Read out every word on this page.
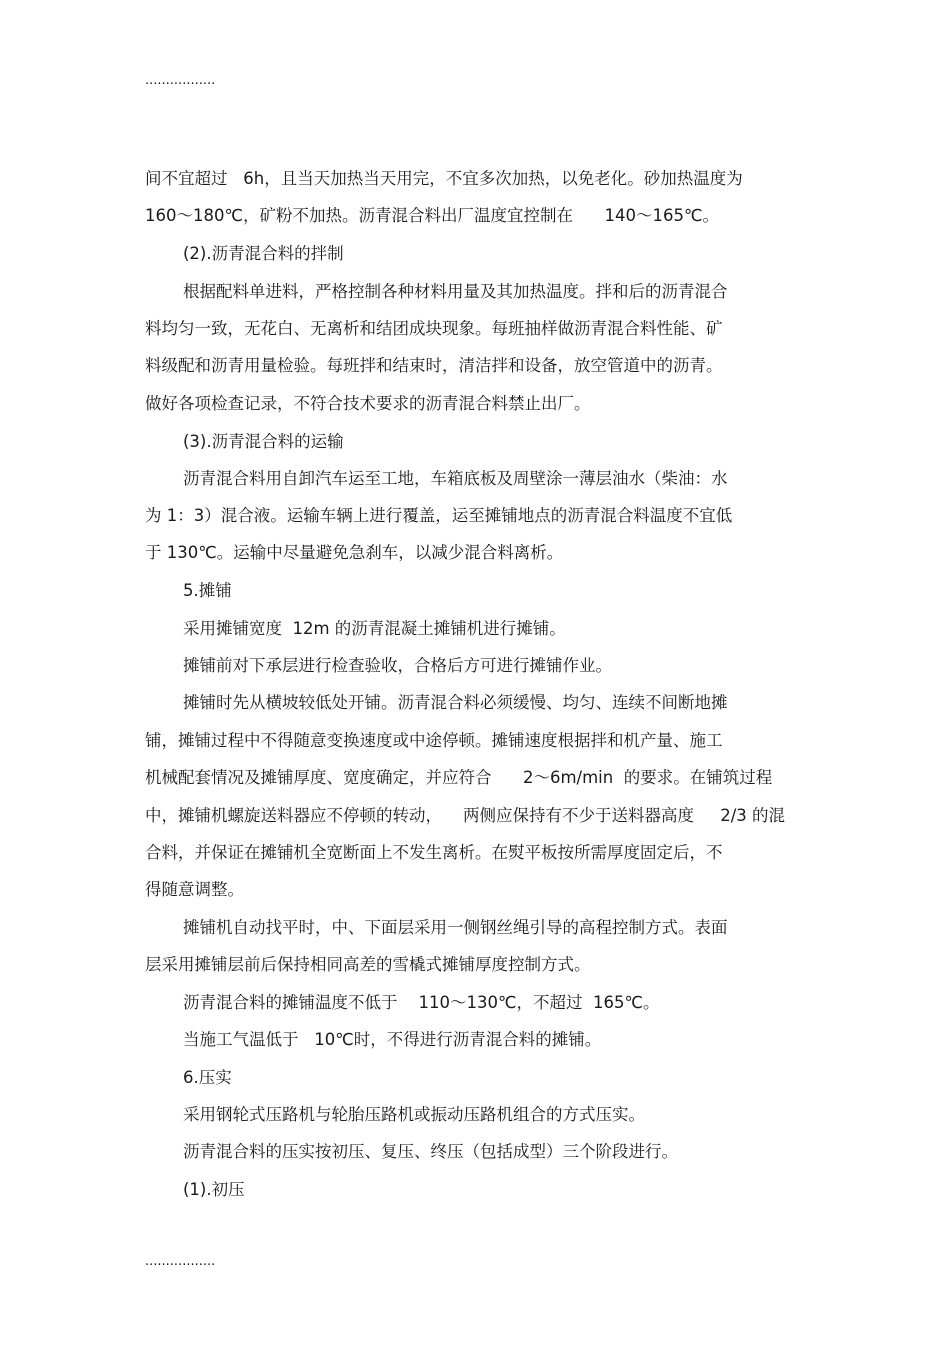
.................
间不宜超过   6h，且当天加热当天用完，不宜多次加热，以免老化。砂加热温度为
160～180℃，矿粉不加热。沥青混合料出厂温度宜控制在      140～165℃。
(2).沥青混合料的拌制
根据配料单进料，严格控制各种材料用量及其加热温度。拌和后的沥青混合
料均匀一致，无花白、无离析和结团成块现象。每班抽样做沥青混合料性能、矿
料级配和沥青用量检验。每班拌和结束时，清洁拌和设备，放空管道中的沥青。
做好各项检查记录，不符合技术要求的沥青混合料禁止出厂。
(3).沥青混合料的运输
沥青混合料用自卸汽车运至工地，车箱底板及周壁涂一薄层油水（柴油：水
为 1：3）混合液。运输车辆上进行覆盖，运至摊铺地点的沥青混合料温度不宜低
于 130℃。运输中尽量避免急刹车，以减少混合料离析。
5.摊铺
采用摊铺宽度  12m 的沥青混凝土摊铺机进行摊铺。
摊铺前对下承层进行检查验收，合格后方可进行摊铺作业。
摊铺时先从横坡较低处开铺。沥青混合料必须缓慢、均匀、连续不间断地摊
铺，摊铺过程中不得随意变换速度或中途停顿。摊铺速度根据拌和机产量、施工
机械配套情况及摊铺厚度、宽度确定，并应符合      2～6m/min  的要求。在铺筑过程
中，摊铺机螺旋送料器应不停顿的转动，    两侧应保持有不少于送料器高度     2/3 的混
合料，并保证在摊铺机全宽断面上不发生离析。在熨平板按所需厚度固定后，不
得随意调整。
摊铺机自动找平时，中、下面层采用一侧钢丝绳引导的高程控制方式。表面
层采用摊铺层前后保持相同高差的雪橇式摊铺厚度控制方式。
沥青混合料的摊铺温度不低于    110～130℃，不超过  165℃。
当施工气温低于   10℃时，不得进行沥青混合料的摊铺。
6.压实
采用钢轮式压路机与轮胎压路机或振动压路机组合的方式压实。
沥青混合料的压实按初压、复压、终压（包括成型）三个阶段进行。
(1).初压
.................
